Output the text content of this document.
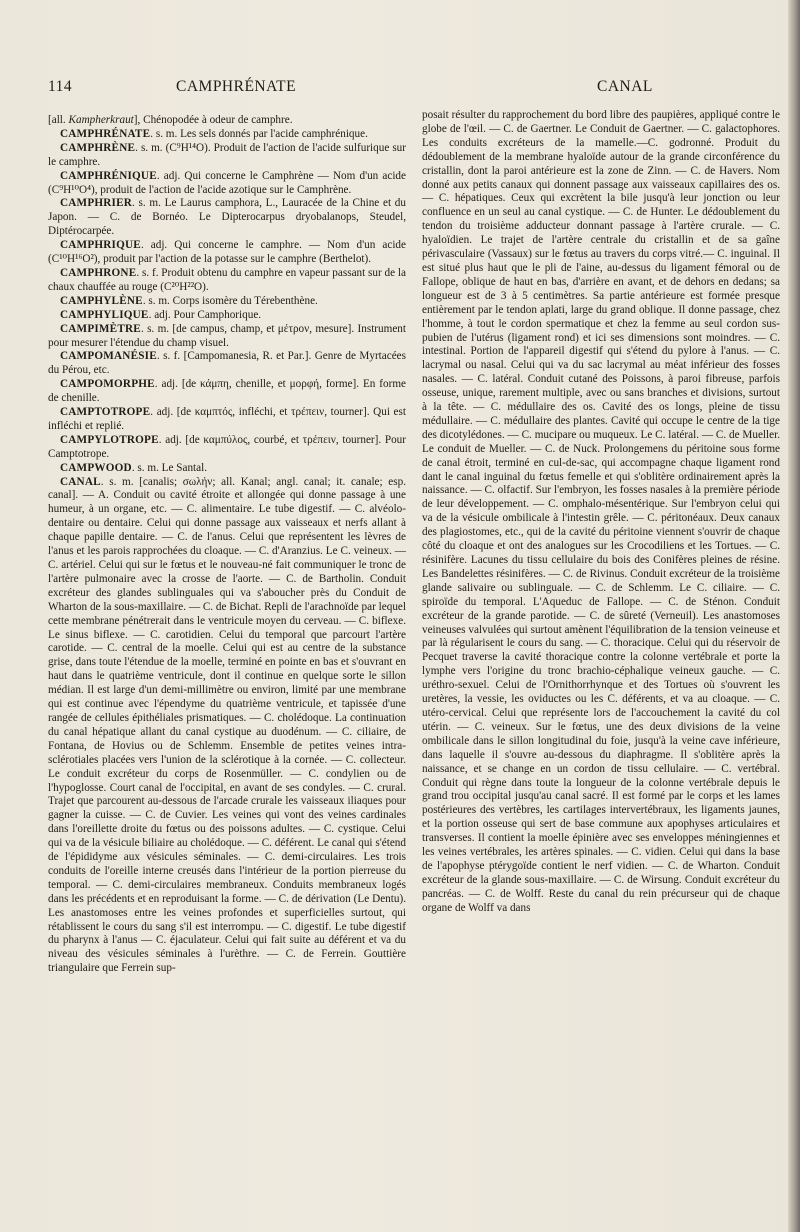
114	CAMPHRÉNATE	CANAL

[all. Kampherkraut], Chénopodée à odeur de camphre.

CAMPHRÉNATE. s. m. Les sels donnés par l'acide camphrénique.

CAMPHRÈNE. s. m. (C⁹H¹⁴O). Produit de l'action de l'acide sulfurique sur le camphre.

CAMPHRÉNIQUE. adj. Qui concerne le Camphrène — Nom d'un acide (C⁹H¹⁰O⁴), produit de l'action de l'acide azotique sur le Camphrène.

CAMPHRIER. s. m. Le Laurus camphora, L., Lauracée de la Chine et du Japon. — C. de Bornéo. Le Dipterocarpus dryobalanops, Steudel, Diptérocarpée.

CAMPHRIQUE. adj. Qui concerne le camphre. — Nom d'un acide (C¹⁰H¹⁶O²), produit par l'action de la potasse sur le camphre (Berthelot).

CAMPHRONE. s. f. Produit obtenu du camphre en vapeur passant sur de la chaux chauffée au rouge (C²⁰H²²O).

CAMPHYLÈNE. s. m. Corps isomère du Térebenthène.

CAMPHYLIQUE. adj. Pour Camphorique.

CAMPIMÈTRE. s. m. [de campus, champ, et μέτρον, mesure]. Instrument pour mesurer l'étendue du champ visuel.

CAMPOMANÉSIE. s. f. [Campomanesia, R. et Par.]. Genre de Myrtacées du Pérou, etc.

CAMPOMORPHE. adj. [de κάμπη, chenille, et μορφή, forme]. En forme de chenille.

CAMPTOTROPE. adj. [de καμπτός, infléchi, et τρέπειν, tourner]. Qui est infléchi et replié.

CAMPYLOTROPE. adj. [de καμπύλος, courbé, et τρέπειν, tourner]. Pour Camptotrope.

CAMPWOOD. s. m. Le Santal.

CANAL. s. m. [canalis; σωλήν; all. Kanal; angl. canal; it. canale; esp. canal]. — A. Conduit ou cavité étroite et allongée qui donne passage à une humeur, à un organe, etc. — C. alimentaire. Le tube digestif. — C. alvéolo-dentaire ou dentaire. Celui qui donne passage aux vaisseaux et nerfs allant à chaque papille dentaire. — C. de l'anus. Celui que représentent les lèvres de l'anus et les parois rapprochées du cloaque. — C. d'Aranzius. Le C. veineux. — C. artériel. Celui qui sur le fœtus et le nouveau-né fait communiquer le tronc de l'artère pulmonaire avec la crosse de l'aorte. — C. de Bartholin. Conduit excréteur des glandes sublinguales qui va s'aboucher près du Conduit de Wharton de la sous-maxillaire. — C. de Bichat. Repli de l'arachnoïde par lequel cette membrane pénétrerait dans le ventricule moyen du cerveau. — C. biflexe. Le sinus biflexe. — C. carotidien. Celui du temporal que parcourt l'artère carotide. — C. central de la moelle. Celui qui est au centre de la substance grise, dans toute l'étendue de la moelle, terminé en pointe en bas et s'ouvrant en haut dans le quatrième ventricule, dont il continue en quelque sorte le sillon médian. Il est large d'un demi-millimètre ou environ, limité par une membrane qui est continue avec l'épendyme du quatrième ventricule, et tapissée d'une rangée de cellules épithéliales prismatiques. — C. cholédoque. La continuation du canal hépatique allant du canal cystique au duodénum. — C. ciliaire, de Fontana, de Hovius ou de Schlemm. Ensemble de petites veines intra-sclérotiales placées vers l'union de la sclérotique à la cornée. — C. collecteur. Le conduit excréteur du corps de Rosenmüller. — C. condylien ou de l'hypoglosse. Court canal de l'occipital, en avant de ses condyles. — C. crural. Trajet que parcourent au-dessous de l'arcade crurale les vaisseaux iliaques pour gagner la cuisse. — C. de Cuvier. Les veines qui vont des veines cardinales dans l'oreillette droite du fœtus ou des poissons adultes. — C. cystique. Celui qui va de la vésicule biliaire au cholédoque. — C. déférent. Le canal qui s'étend de l'épididyme aux vésicules séminales. — C. demi-circulaires. Les trois conduits de l'oreille interne creusés dans l'intérieur de la portion pierreuse du temporal. — C. demi-circulaires membraneux. Conduits membraneux logés dans les précédents et en reproduisant la forme. — C. de dérivation (Le Dentu). Les anastomoses entre les veines profondes et superficielles surtout, qui rétablissent le cours du sang s'il est interrompu. — C. digestif. Le tube digestif du pharynx à l'anus — C. éjaculateur. Celui qui fait suite au déférent et va du niveau des vésicules séminales à l'urèthre. — C. de Ferrein. Gouttière triangulaire que Ferrein sup-

posait résulter du rapprochement du bord libre des paupières, appliqué contre le globe de l'œil. — C. de Gaertner. Le Conduit de Gaertner. — C. galactophores. Les conduits excréteurs de la mamelle.—C. godronné. Produit du dédoublement de la membrane hyaloïde autour de la grande circonférence du cristallin, dont la paroi antérieure est la zone de Zinn. — C. de Havers. Nom donné aux petits canaux qui donnent passage aux vaisseaux capillaires des os. — C. hépatiques. Ceux qui excrètent la bile jusqu'à leur jonction ou leur confluence en un seul au canal cystique. — C. de Hunter. Le dédoublement du tendon du troisième adducteur donnant passage à l'artère crurale. — C. hyaloïdien. Le trajet de l'artère centrale du cristallin et de sa gaîne périvasculaire (Vassaux) sur le fœtus au travers du corps vitré.— C. inguinal. Il est situé plus haut que le pli de l'aine, au-dessus du ligament fémoral ou de Fallope, oblique de haut en bas, d'arrière en avant, et de dehors en dedans; sa longueur est de 3 à 5 centimètres. Sa partie antérieure est formée presque entièrement par le tendon aplati, large du grand oblique. Il donne passage, chez l'homme, à tout le cordon spermatique et chez la femme au seul cordon sus-pubien de l'utérus (ligament rond) et ici ses dimensions sont moindres. — C. intestinal. Portion de l'appareil digestif qui s'étend du pylore à l'anus. — C. lacrymal ou nasal. Celui qui va du sac lacrymal au méat inférieur des fosses nasales. — C. latéral. Conduit cutané des Poissons, à paroi fibreuse, parfois osseuse, unique, rarement multiple, avec ou sans branches et divisions, surtout à la tête. — C. médullaire des os. Cavité des os longs, pleine de tissu médullaire. — C. médullaire des plantes. Cavité qui occupe le centre de la tige des dicotylédones. — C. mucipare ou muqueux. Le C. latéral. — C. de Mueller. Le conduit de Mueller. — C. de Nuck. Prolongemens du péritoine sous forme de canal étroit, terminé en cul-de-sac, qui accompagne chaque ligament rond dant le canal inguinal du fœtus femelle et qui s'oblitère ordinairement après la naissance. — C. olfactif. Sur l'embryon, les fosses nasales à la première période de leur développement. — C. omphalo-mésentérique. Sur l'embryon celui qui va de la vésicule ombilicale à l'intestin grêle. — C. péritonéaux. Deux canaux des plagiostomes, etc., qui de la cavité du péritoine viennent s'ouvrir de chaque côté du cloaque et ont des analogues sur les Crocodiliens et les Tortues. — C. résinifère. Lacunes du tissu cellulaire du bois des Conifères pleines de résine. Les Bandelettes résinifères. — C. de Rivinus. Conduit excréteur de la troisième glande salivaire ou sublinguale. — C. de Schlemm. Le C. ciliaire. — C. spiroïde du temporal. L'Aqueduc de Fallope. — C. de Sténon. Conduit excréteur de la grande parotide. — C. de sûreté (Verneuil). Les anastomoses veineuses valvulées qui surtout amènent l'équilibration de la tension veineuse et par là régularisent le cours du sang. — C. thoracique. Celui qui du réservoir de Pecquet traverse la cavité thoracique contre la colonne vertébrale et porte la lymphe vers l'origine du tronc brachio-céphalique veineux gauche. — C. uréthro-sexuel. Celui de l'Ornithorrhynque et des Tortues où s'ouvrent les uretères, la vessie, les oviductes ou les C. déférents, et va au cloaque. — C. utéro-cervical. Celui que représente lors de l'accouchement la cavité du col utérin. — C. veineux. Sur le fœtus, une des deux divisions de la veine ombilicale dans le sillon longitudinal du foie, jusqu'à la veine cave inférieure, dans laquelle il s'ouvre au-dessous du diaphragme. Il s'oblitère après la naissance, et se change en un cordon de tissu cellulaire. — C. vertébral. Conduit qui règne dans toute la longueur de la colonne vertébrale depuis le grand trou occipital jusqu'au canal sacré. Il est formé par le corps et les lames postérieures des vertèbres, les cartilages intervertébraux, les ligaments jaunes, et la portion osseuse qui sert de base commune aux apophyses articulaires et transverses. Il contient la moelle épinière avec ses enveloppes méningiennes et les veines vertébrales, les artères spinales. — C. vidien. Celui qui dans la base de l'apophyse ptérygoïde contient le nerf vidien. — C. de Wharton. Conduit excréteur de la glande sous-maxillaire. — C. de Wirsung. Conduit excréteur du pancréas. — C. de Wolff. Reste du canal du rein précurseur qui de chaque organe de Wolff va dans
